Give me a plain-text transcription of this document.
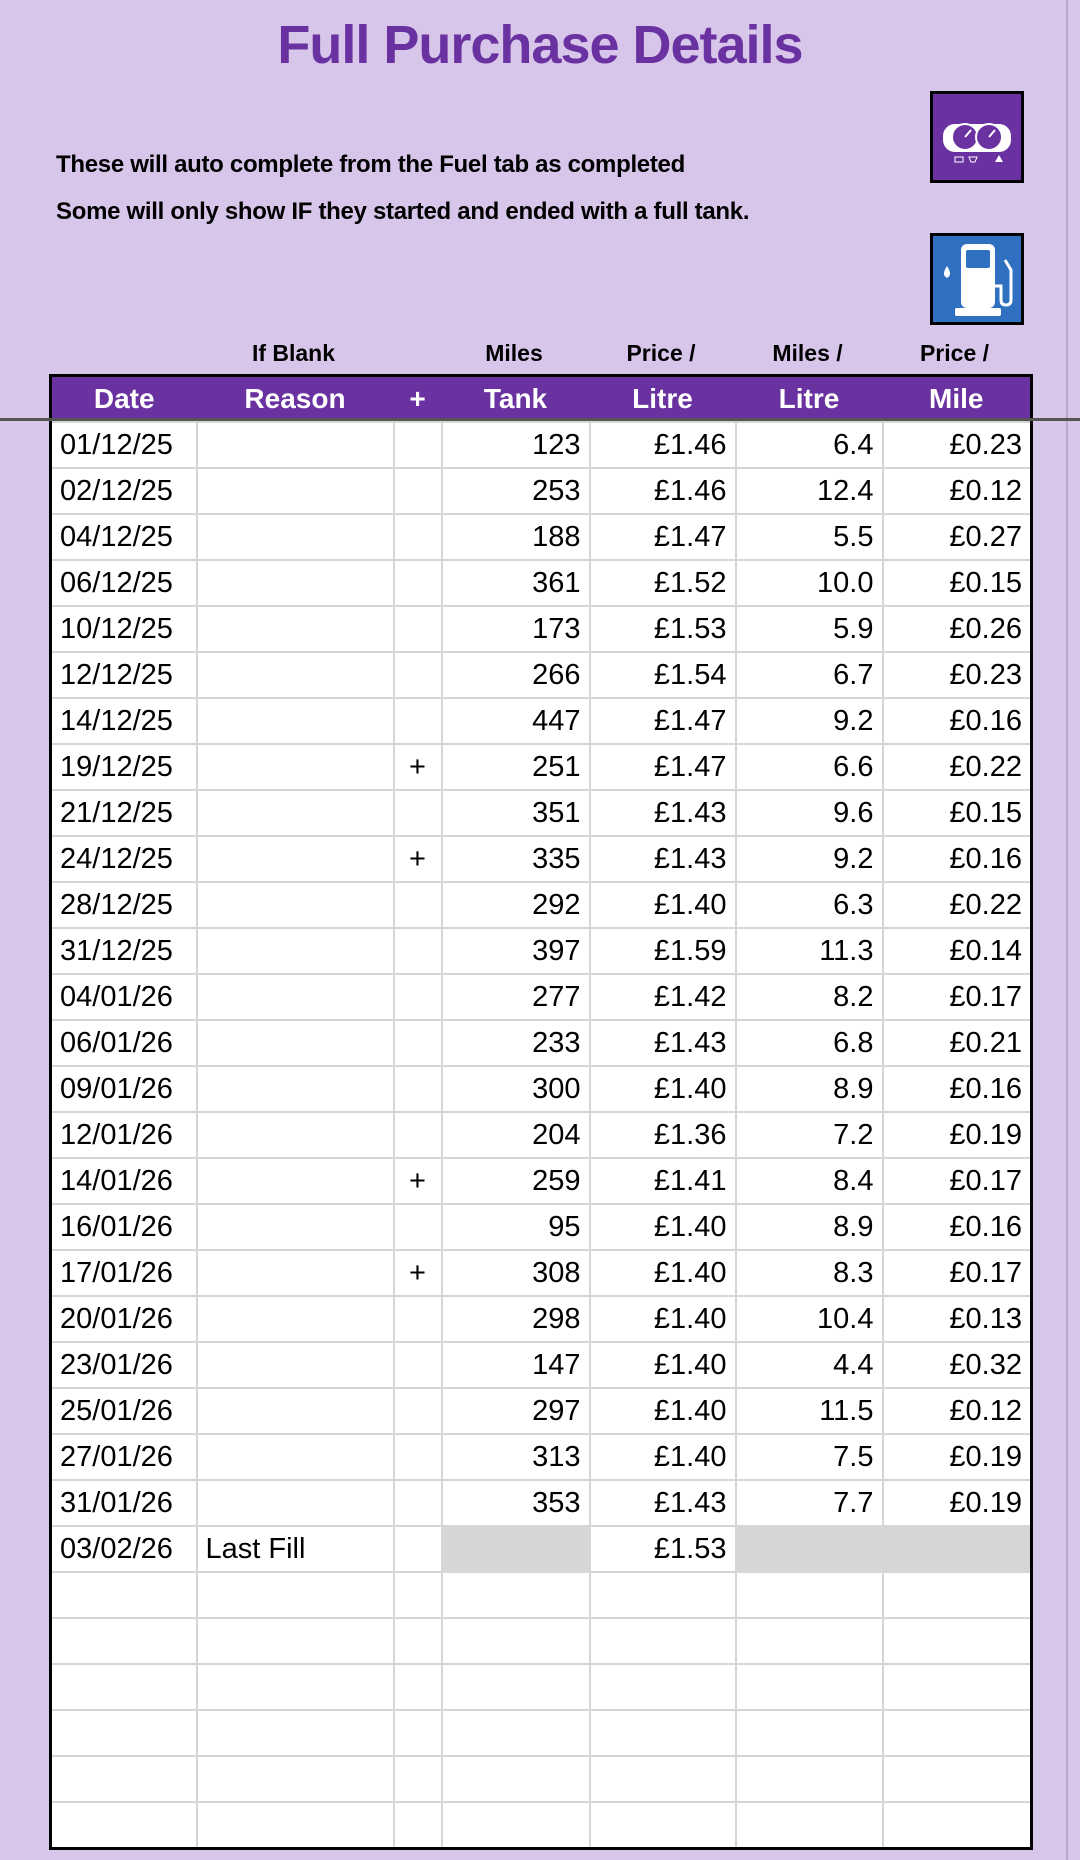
Full Purchase Details
These will auto complete from the Fuel tab as completed
Some will only show IF they started and ended with a full tank.
If Blank	Miles	Price /	Miles /	Price /
Date	Reason	+	Tank	Litre	Litre	Mile
01/12/25			123	£1.46	6.4	£0.23
02/12/25			253	£1.46	12.4	£0.12
04/12/25			188	£1.47	5.5	£0.27
06/12/25			361	£1.52	10.0	£0.15
10/12/25			173	£1.53	5.9	£0.26
12/12/25			266	£1.54	6.7	£0.23
14/12/25			447	£1.47	9.2	£0.16
19/12/25		+	251	£1.47	6.6	£0.22
21/12/25			351	£1.43	9.6	£0.15
24/12/25		+	335	£1.43	9.2	£0.16
28/12/25			292	£1.40	6.3	£0.22
31/12/25			397	£1.59	11.3	£0.14
04/01/26			277	£1.42	8.2	£0.17
06/01/26			233	£1.43	6.8	£0.21
09/01/26			300	£1.40	8.9	£0.16
12/01/26			204	£1.36	7.2	£0.19
14/01/26		+	259	£1.41	8.4	£0.17
16/01/26			95	£1.40	8.9	£0.16
17/01/26		+	308	£1.40	8.3	£0.17
20/01/26			298	£1.40	10.4	£0.13
23/01/26			147	£1.40	4.4	£0.32
25/01/26			297	£1.40	11.5	£0.12
27/01/26			313	£1.40	7.5	£0.19
31/01/26			353	£1.43	7.7	£0.19
03/02/26	Last Fill			£1.53		
